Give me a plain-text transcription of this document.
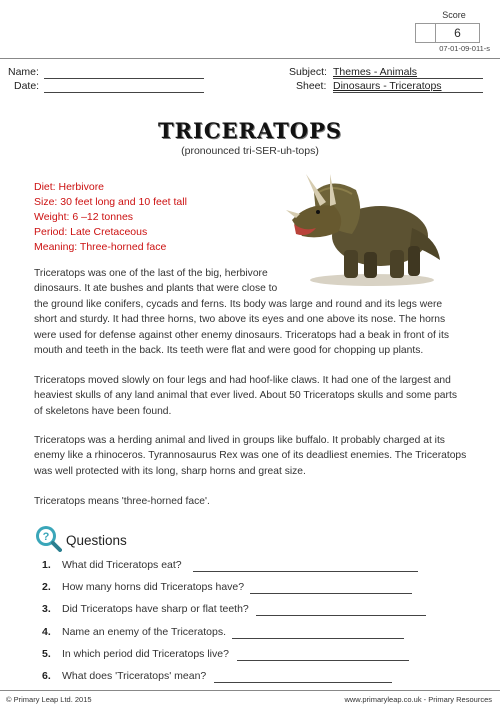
Score
6
07-01-09-011-s
Name:
Date:
Subject: Themes - Animals
Sheet: Dinosaurs - Triceratops
TRICERATOPS
(pronounced tri-SER-uh-tops)
Diet: Herbivore
Size: 30 feet long and 10 feet tall
Weight: 6 –12 tonnes
Period: Late Cretaceous
Meaning: Three-horned face
Triceratops was one of the last of the big, herbivore
dinosaurs. It ate bushes and plants that were close to
the ground like conifers, cycads and ferns. Its body was large and round and its legs were
short and sturdy. It had three horns, two above its eyes and one above its nose. The horns
were used for defense against other enemy dinosaurs. Triceratops had a beak in front of its
mouth and teeth in the back. Its teeth were flat and were good for chopping up plants.
Triceratops moved slowly on four legs and had hoof-like claws. It had one of the largest and
heaviest skulls of any land animal that ever lived. About 50 Triceratops skulls and some parts
of skeletons have been found.
Triceratops was a herding animal and lived in groups like buffalo. It probably charged at its
enemy like a rhinoceros. Tyrannosaurus Rex was one of its deadliest enemies. The Triceratops
was well protected with its long, sharp horns and great size.
Triceratops means 'three-horned face'.
? Questions
1. What did Triceratops eat?
2. How many horns did Triceratops have?
3. Did Triceratops have sharp or flat teeth?
4. Name an enemy of the Triceratops.
5. In which period did Triceratops live?
6. What does 'Triceratops' mean?
© Primary Leap Ltd. 2015	www.primaryleap.co.uk - Primary Resources
